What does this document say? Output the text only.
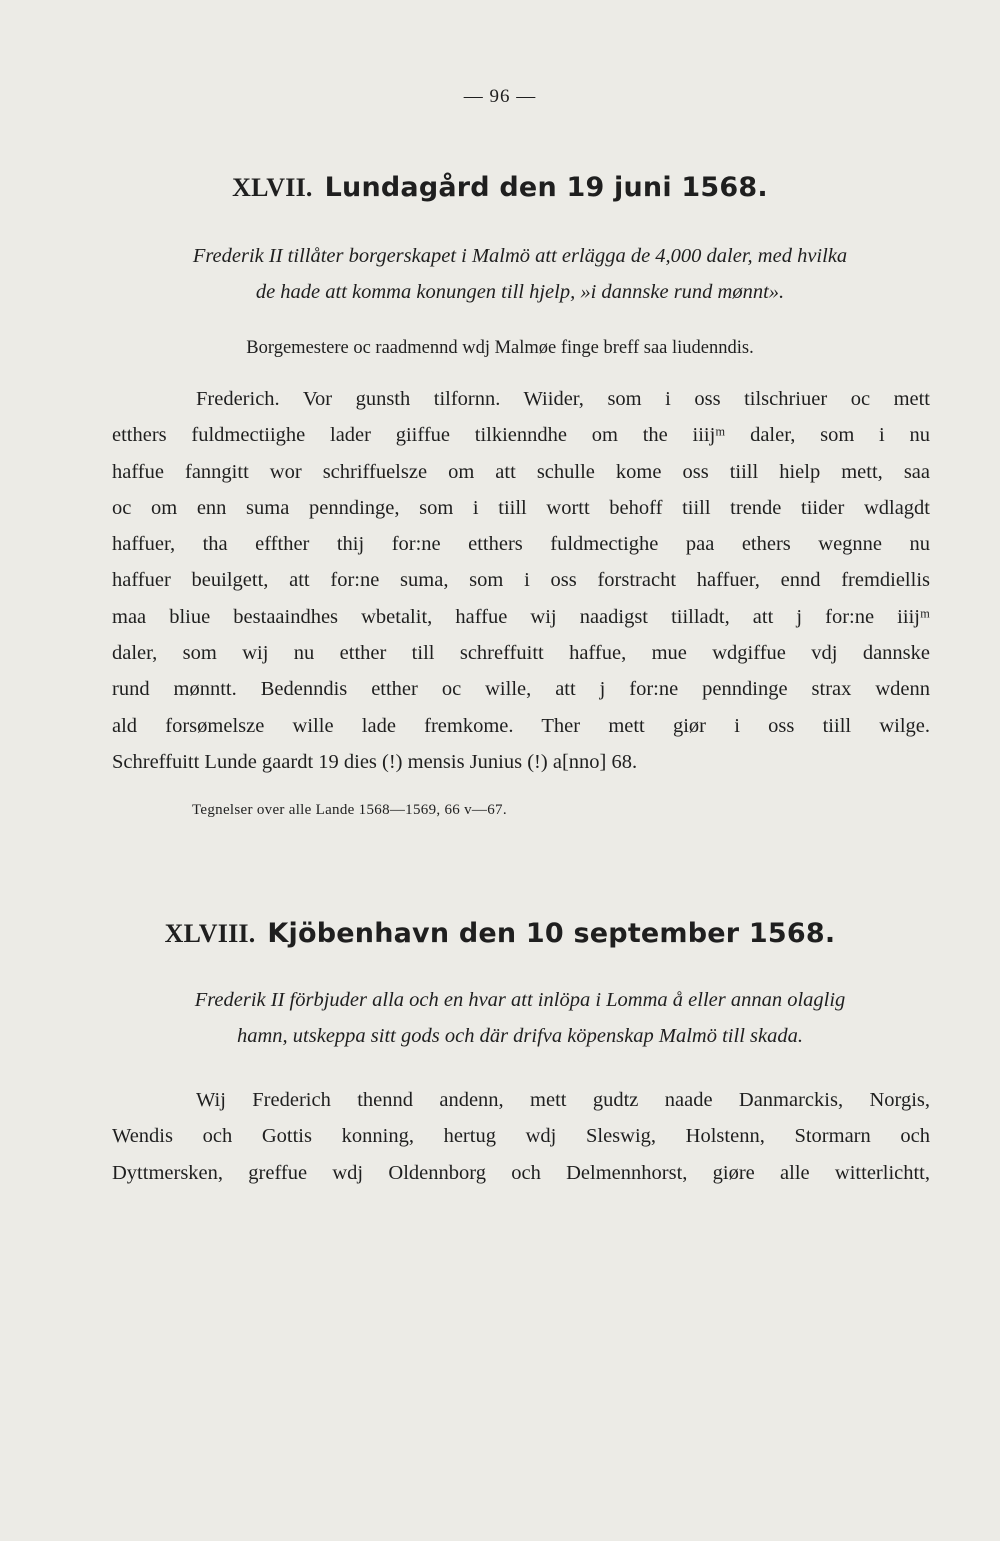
— 96 —
XLVII. Lundagård den 19 juni 1568.
Frederik II tillåter borgerskapet i Malmö att erlägga de 4,000 daler, med hvilka
de hade att komma konungen till hjelp, »i dannske rund mønnt».
Borgemestere oc raadmennd wdj Malmøe finge breff saa liudenndis.
Frederich. Vor gunsth tilfornn. Wiider, som i oss tilschriuer oc mett
etthers fuldmectiighe lader giiffue tilkienndhe om the iiijᵐ daler, som i nu
haffue fanngitt wor schriffuelsze om att schulle kome oss tiill hielp mett, saa
oc om enn suma penndinge, som i tiill wortt behoff tiill trende tiider wdlagdt
haffuer, tha effther thij for:ne etthers fuldmectighe paa ethers wegnne nu
haffuer beuilgett, att for:ne suma, som i oss forstracht haffuer, ennd fremdiellis
maa bliue bestaaindhes wbetalit, haffue wij naadigst tiilladt, att j for:ne iiijᵐ
daler, som wij nu etther till schreffuitt haffue, mue wdgiffue vdj dannske
rund mønntt. Bedenndis etther oc wille, att j for:ne penndinge strax wdenn
ald forsømelsze wille lade fremkome. Ther mett giør i oss tiill wilge.
Schreffuitt Lunde gaardt 19 dies (!) mensis Junius (!) a[nno] 68.
Tegnelser over alle Lande 1568—1569, 66 v—67.
XLVIII. Kjöbenhavn den 10 september 1568.
Frederik II förbjuder alla och en hvar att inlöpa i Lomma å eller annan olaglig
hamn, utskeppa sitt gods och där drifva köpenskap Malmö till skada.
Wij Frederich thennd andenn, mett gudtz naade Danmarckis, Norgis,
Wendis och Gottis konning, hertug wdj Sleswig, Holstenn, Stormarn och
Dyttmersken, greffue wdj Oldennborg och Delmennhorst, giøre alle witterlichtt,
